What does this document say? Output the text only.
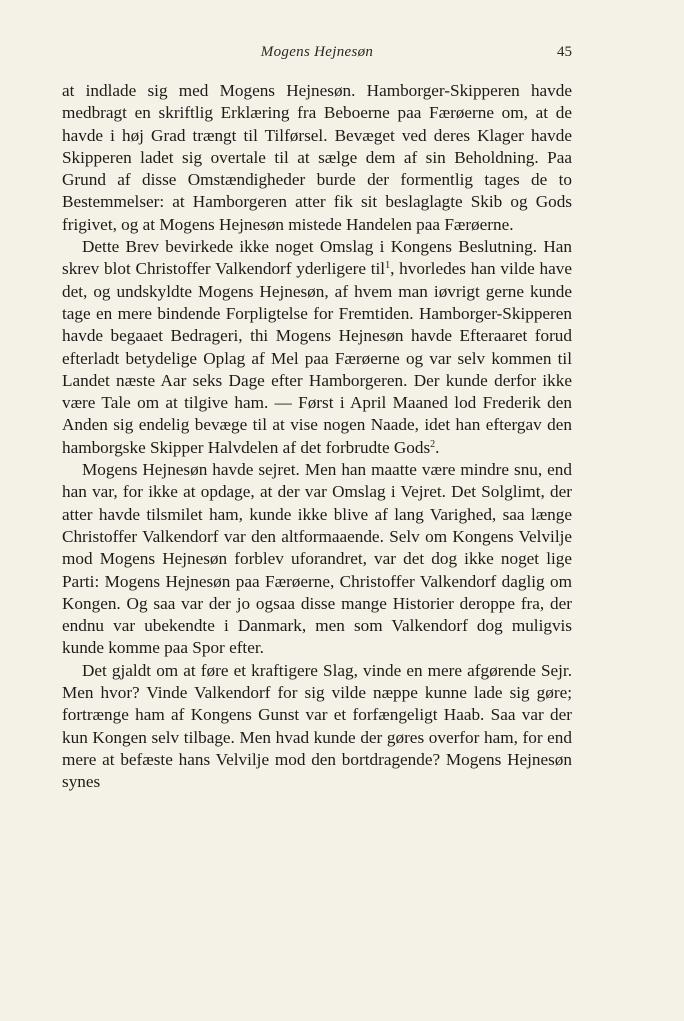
Mogens Hejnesøn	45

at indlade sig med Mogens Hejnesøn. Hamborger-Skipperen havde medbragt en skriftlig Erklæring fra Beboerne paa Færøerne om, at de havde i høj Grad trængt til Tilførsel. Bevæget ved deres Klager havde Skipperen ladet sig overtale til at sælge dem af sin Beholdning. Paa Grund af disse Omstændigheder burde der formentlig tages de to Bestemmelser: at Hamborgeren atter fik sit beslaglagte Skib og Gods frigivet, og at Mogens Hejnesøn mistede Handelen paa Færøerne.

Dette Brev bevirkede ikke noget Omslag i Kongens Beslutning. Han skrev blot Christoffer Valkendorf yderligere til$^1$, hvorledes han vilde have det, og undskyldte Mogens Hejnesøn, af hvem man iøvrigt gerne kunde tage en mere bindende Forpligtelse for Fremtiden. Hamborger-Skipperen havde begaaet Bedrageri, thi Mogens Hejnesøn havde Efteraaret forud efterladt betydelige Oplag af Mel paa Færøerne og var selv kommen til Landet næste Aar seks Dage efter Hamborgeren. Der kunde derfor ikke være Tale om at tilgive ham. — Først i April Maaned lod Frederik den Anden sig endelig bevæge til at vise nogen Naade, idet han eftergav den hamborgske Skipper Halvdelen af det forbrudte Gods$^2$.

Mogens Hejnesøn havde sejret. Men han maatte være mindre snu, end han var, for ikke at opdage, at der var Omslag i Vejret. Det Solglimt, der atter havde tilsmilet ham, kunde ikke blive af lang Varighed, saa længe Christoffer Valkendorf var den altformaaende. Selv om Kongens Velvilje mod Mogens Hejnesøn forblev uforandret, var det dog ikke noget lige Parti: Mogens Hejnesøn paa Færøerne, Christoffer Valkendorf daglig om Kongen. Og saa var der jo ogsaa disse mange Historier deroppe fra, der endnu var ubekendte i Danmark, men som Valkendorf dog muligvis kunde komme paa Spor efter.

Det gjaldt om at føre et kraftigere Slag, vinde en mere afgørende Sejr. Men hvor? Vinde Valkendorf for sig vilde næppe kunne lade sig gøre; fortrænge ham af Kongens Gunst var et forfængeligt Haab. Saa var der kun Kongen selv tilbage. Men hvad kunde der gøres overfor ham, for end mere at befæste hans Velvilje mod den bortdragende? Mogens Hejnesøn synes
